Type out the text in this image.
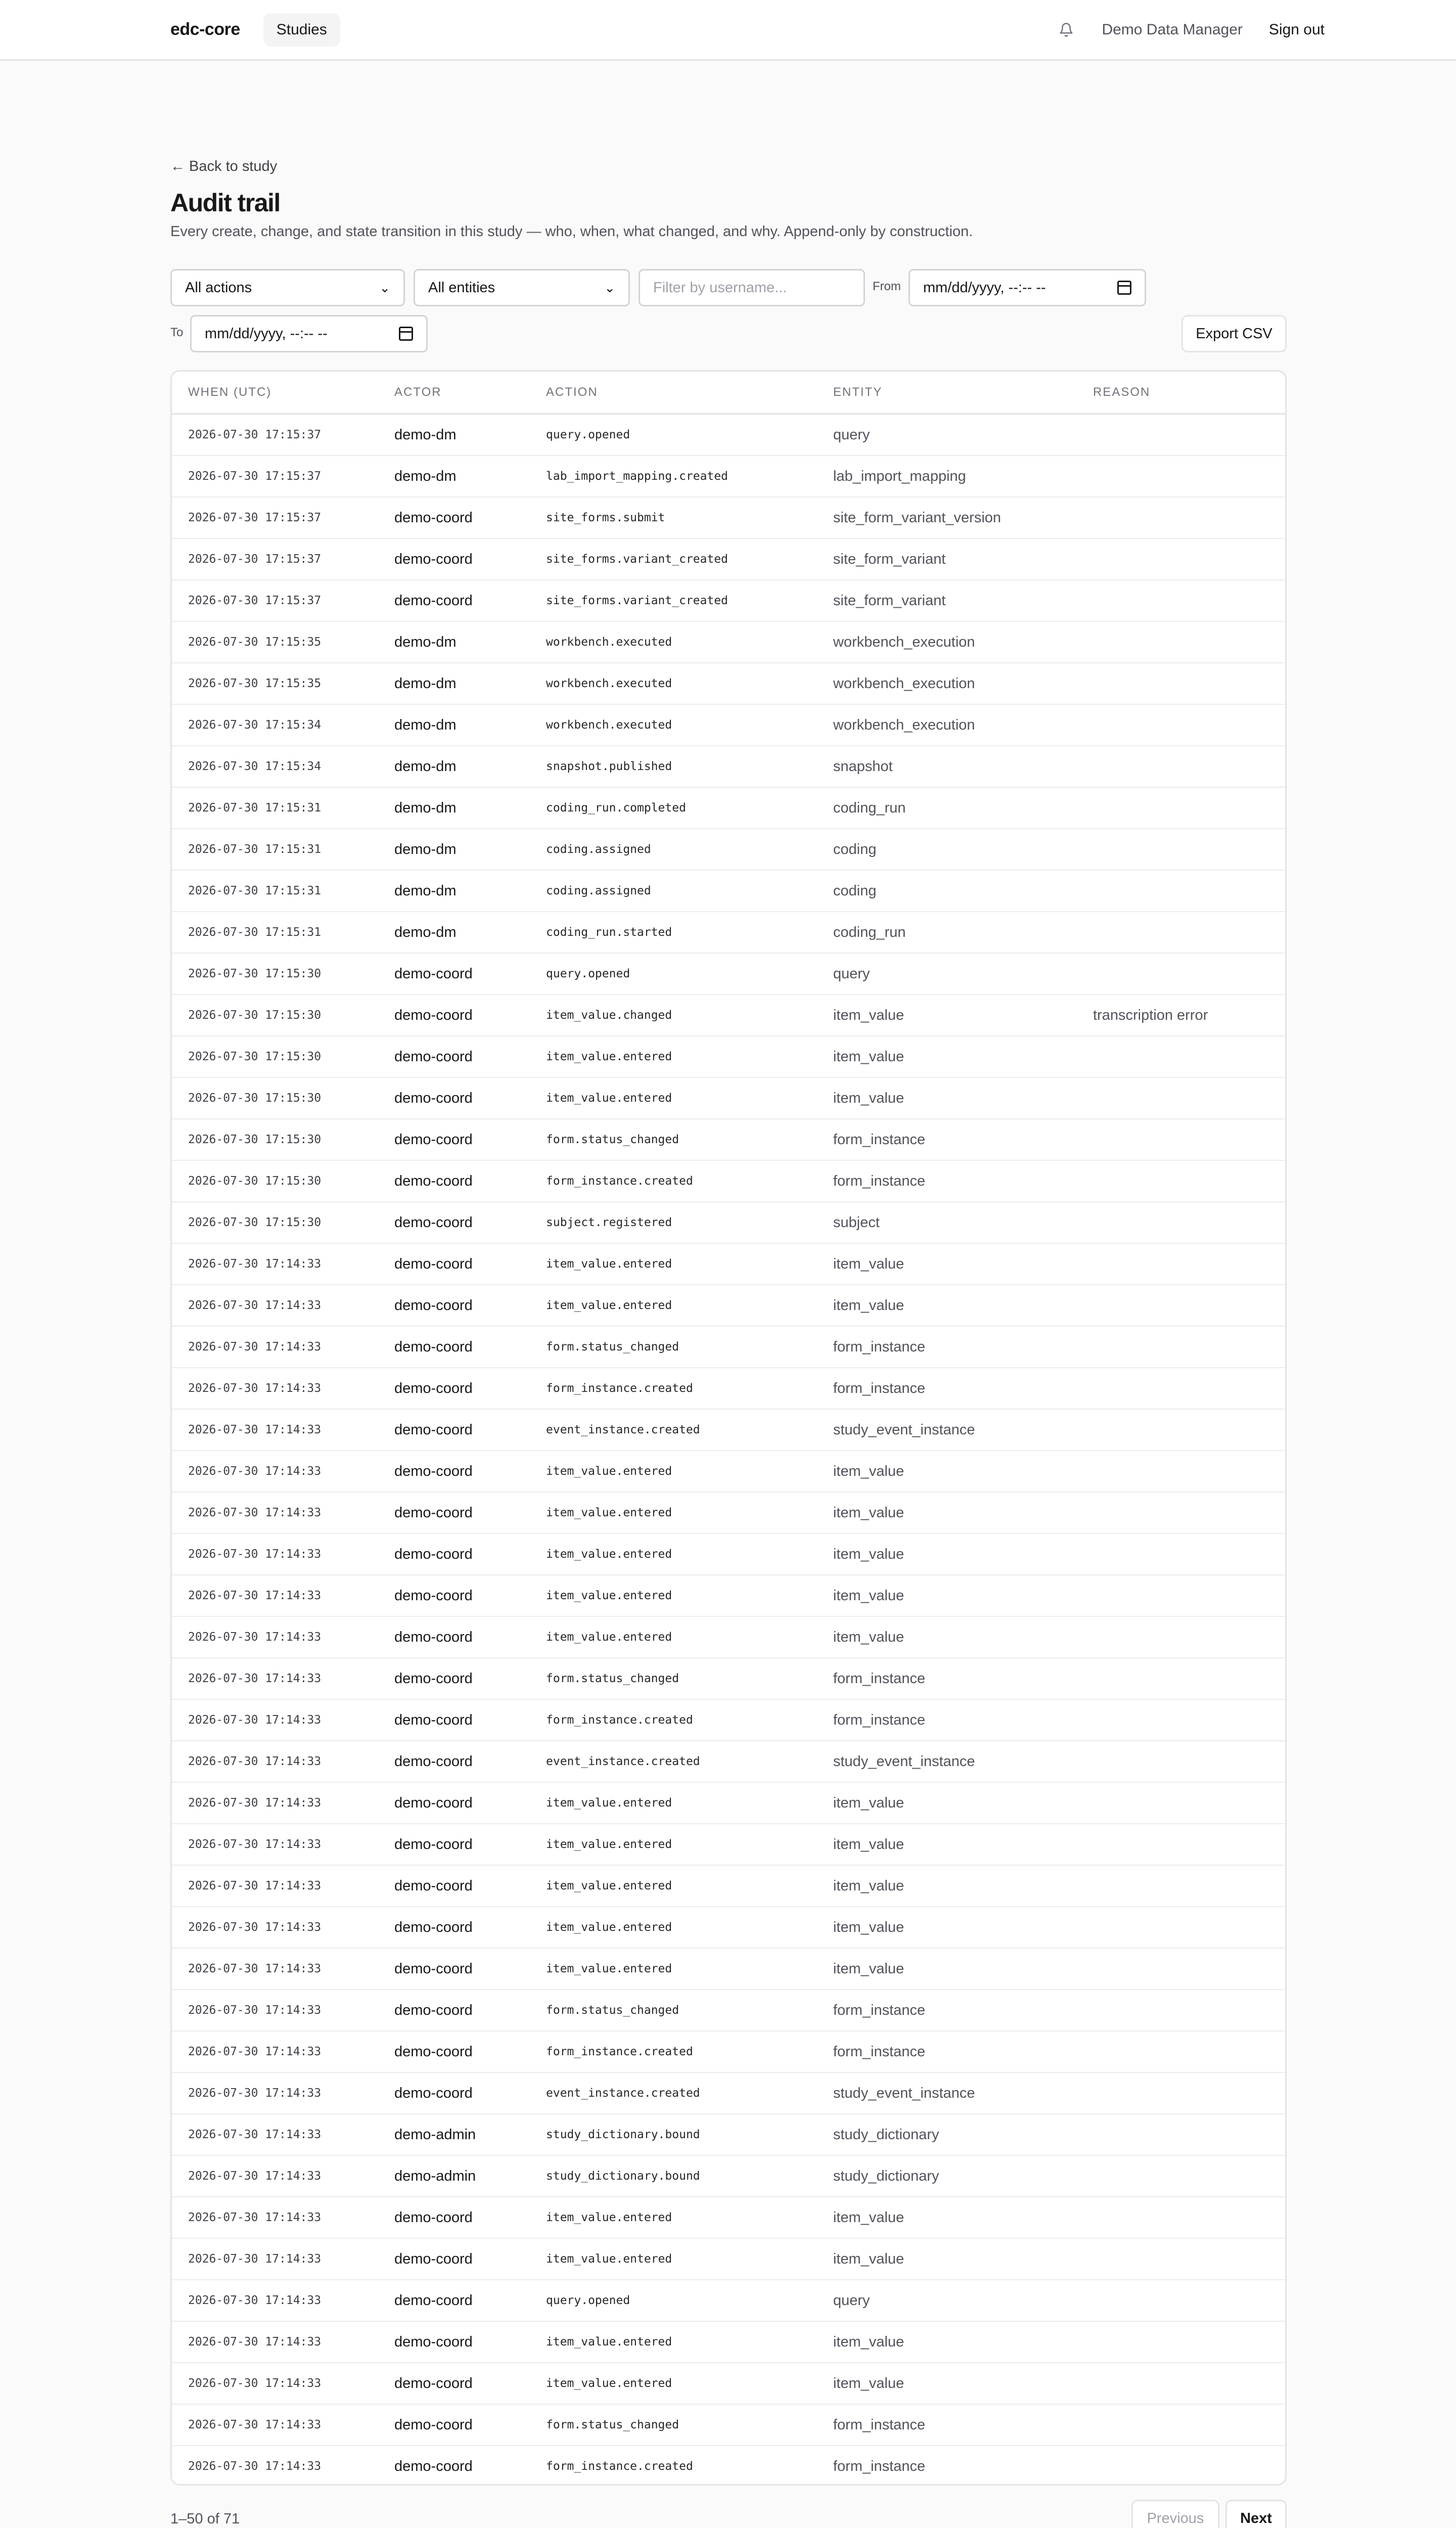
edc-core	Studies	Demo Data Manager Sign out
← Back to study
Audit trail
Every create, change, and state transition in this study — who, when, what changed, and why. Append-only by construction.
All actions	⌄	All entities	⌄	Filter by username...	From mm/dd/yyyy, --:-- --
To mm/dd/yyyy, --:-- --	Export CSV
WHEN (UTC)	ACTOR	ACTION	ENTITY	REASON
2026-07-30 17:15:37	demo-dm	query.opened	query
2026-07-30 17:15:37	demo-dm	lab_import_mapping.created	lab_import_mapping
2026-07-30 17:15:37	demo-coord	site_forms.submit	site_form_variant_version
2026-07-30 17:15:37	demo-coord	site_forms.variant_created	site_form_variant
2026-07-30 17:15:37	demo-coord	site_forms.variant_created	site_form_variant
2026-07-30 17:15:35	demo-dm	workbench.executed	workbench_execution
2026-07-30 17:15:35	demo-dm	workbench.executed	workbench_execution
2026-07-30 17:15:34	demo-dm	workbench.executed	workbench_execution
2026-07-30 17:15:34	demo-dm	snapshot.published	snapshot
2026-07-30 17:15:31	demo-dm	coding_run.completed	coding_run
2026-07-30 17:15:31	demo-dm	coding.assigned	coding
2026-07-30 17:15:31	demo-dm	coding.assigned	coding
2026-07-30 17:15:31	demo-dm	coding_run.started	coding_run
2026-07-30 17:15:30	demo-coord	query.opened	query
2026-07-30 17:15:30	demo-coord	item_value.changed	item_value	transcription error
2026-07-30 17:15:30	demo-coord	item_value.entered	item_value
2026-07-30 17:15:30	demo-coord	item_value.entered	item_value
2026-07-30 17:15:30	demo-coord	form.status_changed	form_instance
2026-07-30 17:15:30	demo-coord	form_instance.created	form_instance
2026-07-30 17:15:30	demo-coord	subject.registered	subject
2026-07-30 17:14:33	demo-coord	item_value.entered	item_value
2026-07-30 17:14:33	demo-coord	item_value.entered	item_value
2026-07-30 17:14:33	demo-coord	form.status_changed	form_instance
2026-07-30 17:14:33	demo-coord	form_instance.created	form_instance
2026-07-30 17:14:33	demo-coord	event_instance.created	study_event_instance
2026-07-30 17:14:33	demo-coord	item_value.entered	item_value
2026-07-30 17:14:33	demo-coord	item_value.entered	item_value
2026-07-30 17:14:33	demo-coord	item_value.entered	item_value
2026-07-30 17:14:33	demo-coord	item_value.entered	item_value
2026-07-30 17:14:33	demo-coord	item_value.entered	item_value
2026-07-30 17:14:33	demo-coord	form.status_changed	form_instance
2026-07-30 17:14:33	demo-coord	form_instance.created	form_instance
2026-07-30 17:14:33	demo-coord	event_instance.created	study_event_instance
2026-07-30 17:14:33	demo-coord	item_value.entered	item_value
2026-07-30 17:14:33	demo-coord	item_value.entered	item_value
2026-07-30 17:14:33	demo-coord	item_value.entered	item_value
2026-07-30 17:14:33	demo-coord	item_value.entered	item_value
2026-07-30 17:14:33	demo-coord	item_value.entered	item_value
2026-07-30 17:14:33	demo-coord	form.status_changed	form_instance
2026-07-30 17:14:33	demo-coord	form_instance.created	form_instance
2026-07-30 17:14:33	demo-coord	event_instance.created	study_event_instance
2026-07-30 17:14:33	demo-admin	study_dictionary.bound	study_dictionary
2026-07-30 17:14:33	demo-admin	study_dictionary.bound	study_dictionary
2026-07-30 17:14:33	demo-coord	item_value.entered	item_value
2026-07-30 17:14:33	demo-coord	item_value.entered	item_value
2026-07-30 17:14:33	demo-coord	query.opened	query
2026-07-30 17:14:33	demo-coord	item_value.entered	item_value
2026-07-30 17:14:33	demo-coord	item_value.entered	item_value
2026-07-30 17:14:33	demo-coord	form.status_changed	form_instance
2026-07-30 17:14:33	demo-coord	form_instance.created	form_instance
1–50 of 71	Previous	Next
